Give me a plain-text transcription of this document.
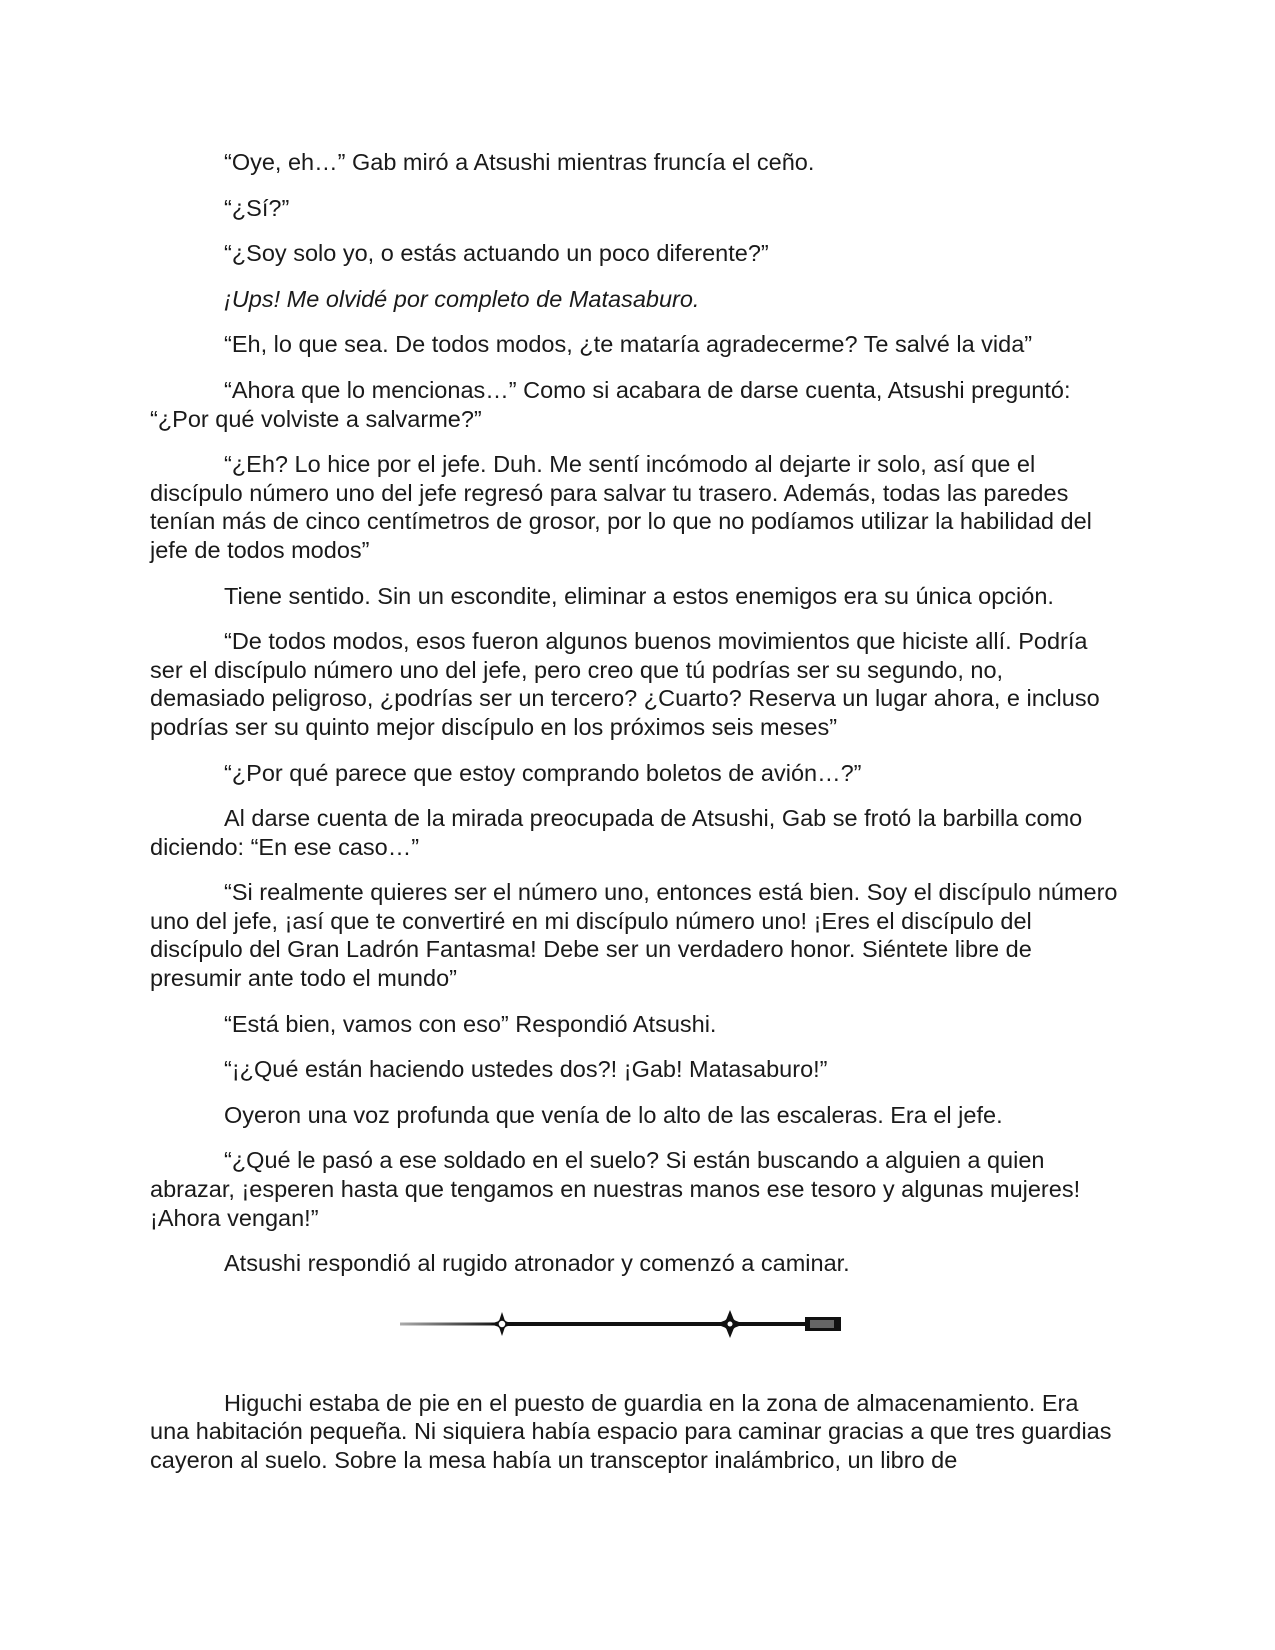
“Oye, eh…” Gab miró a Atsushi mientras fruncía el ceño.

“¿Sí?”

“¿Soy solo yo, o estás actuando un poco diferente?”

¡Ups! Me olvidé por completo de Matasaburo.

“Eh, lo que sea. De todos modos, ¿te mataría agradecerme? Te salvé la vida”

“Ahora que lo mencionas…” Como si acabara de darse cuenta, Atsushi preguntó: “¿Por qué volviste a salvarme?”

“¿Eh? Lo hice por el jefe. Duh. Me sentí incómodo al dejarte ir solo, así que el discípulo número uno del jefe regresó para salvar tu trasero. Además, todas las paredes tenían más de cinco centímetros de grosor, por lo que no podíamos utilizar la habilidad del jefe de todos modos”

Tiene sentido. Sin un escondite, eliminar a estos enemigos era su única opción.

“De todos modos, esos fueron algunos buenos movimientos que hiciste allí. Podría ser el discípulo número uno del jefe, pero creo que tú podrías ser su segundo, no, demasiado peligroso, ¿podrías ser un tercero? ¿Cuarto? Reserva un lugar ahora, e incluso podrías ser su quinto mejor discípulo en los próximos seis meses”

“¿Por qué parece que estoy comprando boletos de avión…?”

Al darse cuenta de la mirada preocupada de Atsushi, Gab se frotó la barbilla como diciendo: “En ese caso…”

“Si realmente quieres ser el número uno, entonces está bien. Soy el discípulo número uno del jefe, ¡así que te convertiré en mi discípulo número uno! ¡Eres el discípulo del discípulo del Gran Ladrón Fantasma! Debe ser un verdadero honor. Siéntete libre de presumir ante todo el mundo”

“Está bien, vamos con eso” Respondió Atsushi.

“¡¿Qué están haciendo ustedes dos?! ¡Gab! Matasaburo!”

Oyeron una voz profunda que venía de lo alto de las escaleras. Era el jefe.

“¿Qué le pasó a ese soldado en el suelo? Si están buscando a alguien a quien abrazar, ¡esperen hasta que tengamos en nuestras manos ese tesoro y algunas mujeres! ¡Ahora vengan!”

Atsushi respondió al rugido atronador y comenzó a caminar.

Higuchi estaba de pie en el puesto de guardia en la zona de almacenamiento. Era una habitación pequeña. Ni siquiera había espacio para caminar gracias a que tres guardias cayeron al suelo. Sobre la mesa había un transceptor inalámbrico, un libro de
